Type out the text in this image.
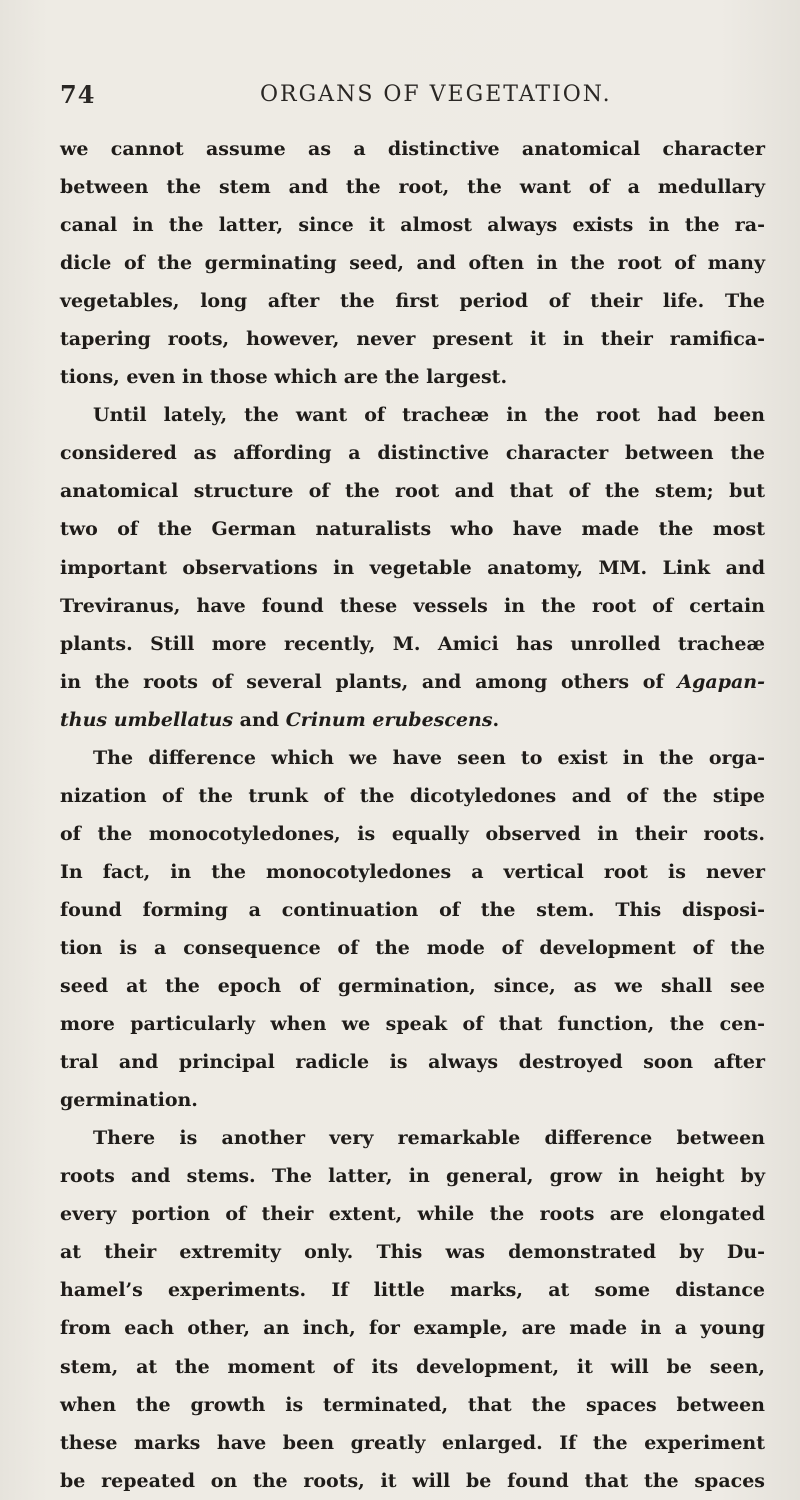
74	ORGANS OF VEGETATION.

we cannot assume as a distinctive anatomical character
between the stem and the root, the want of a medullary
canal in the latter, since it almost always exists in the ra-
dicle of the germinating seed, and often in the root of many
vegetables, long after the first period of their life. The
tapering roots, however, never present it in their ramifica-
tions, even in those which are the largest.

Until lately, the want of tracheæ in the root had been
considered as affording a distinctive character between the
anatomical structure of the root and that of the stem; but
two of the German naturalists who have made the most
important observations in vegetable anatomy, MM. Link and
Treviranus, have found these vessels in the root of certain
plants. Still more recently, M. Amici has unrolled tracheæ
in the roots of several plants, and among others of Agapan-
thus umbellatus and Crinum erubescens.

The difference which we have seen to exist in the orga-
nization of the trunk of the dicotyledones and of the stipe
of the monocotyledones, is equally observed in their roots.
In fact, in the monocotyledones a vertical root is never
found forming a continuation of the stem. This disposi-
tion is a consequence of the mode of development of the
seed at the epoch of germination, since, as we shall see
more particularly when we speak of that function, the cen-
tral and principal radicle is always destroyed soon after
germination.

There is another very remarkable difference between
roots and stems. The latter, in general, grow in height by
every portion of their extent, while the roots are elongated
at their extremity only. This was demonstrated by Du-
hamel’s experiments. If little marks, at some distance
from each other, an inch, for example, are made in a young
stem, at the moment of its development, it will be seen,
when the growth is terminated, that the spaces between
these marks have been greatly enlarged. If the experiment
be repeated on the roots, it will be found that the spaces
